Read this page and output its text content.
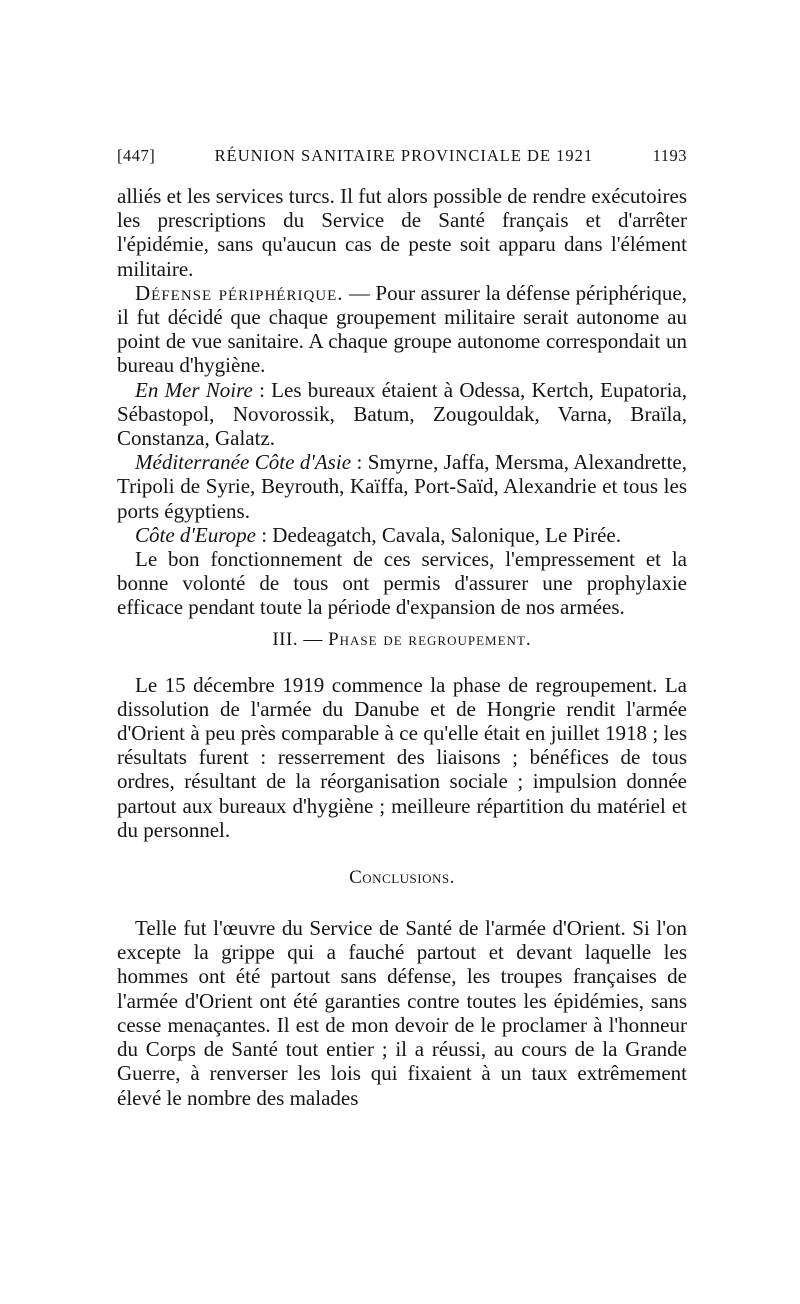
[447]	RÉUNION SANITAIRE PROVINCIALE DE 1921	1193

alliés et les services turcs. Il fut alors possible de rendre exécutoires les prescriptions du Service de Santé français et d'arrêter l'épidémie, sans qu'aucun cas de peste soit apparu dans l'élément militaire.

Défense périphérique. — Pour assurer la défense périphérique, il fut décidé que chaque groupement militaire serait autonome au point de vue sanitaire. A chaque groupe autonome correspondait un bureau d'hygiène.

En Mer Noire : Les bureaux étaient à Odessa, Kertch, Eupatoria, Sébastopol, Novorossik, Batum, Zougouldak, Varna, Braïla, Constanza, Galatz.

Méditerranée Côte d'Asie : Smyrne, Jaffa, Mersma, Alexandrette, Tripoli de Syrie, Beyrouth, Kaïffa, Port-Saïd, Alexandrie et tous les ports égyptiens.

Côte d'Europe : Dedeagatch, Cavala, Salonique, Le Pirée.

Le bon fonctionnement de ces services, l'empressement et la bonne volonté de tous ont permis d'assurer une prophylaxie efficace pendant toute la période d'expansion de nos armées.

III. — Phase de regroupement.

Le 15 décembre 1919 commence la phase de regroupement. La dissolution de l'armée du Danube et de Hongrie rendit l'armée d'Orient à peu près comparable à ce qu'elle était en juillet 1918 ; les résultats furent : resserrement des liaisons ; bénéfices de tous ordres, résultant de la réorganisation sociale ; impulsion donnée partout aux bureaux d'hygiène ; meilleure répartition du matériel et du personnel.

Conclusions.

Telle fut l'œuvre du Service de Santé de l'armée d'Orient. Si l'on excepte la grippe qui a fauché partout et devant laquelle les hommes ont été partout sans défense, les troupes françaises de l'armée d'Orient ont été garanties contre toutes les épidémies, sans cesse menaçantes. Il est de mon devoir de le proclamer à l'honneur du Corps de Santé tout entier ; il a réussi, au cours de la Grande Guerre, à renverser les lois qui fixaient à un taux extrêmement élevé le nombre des malades
